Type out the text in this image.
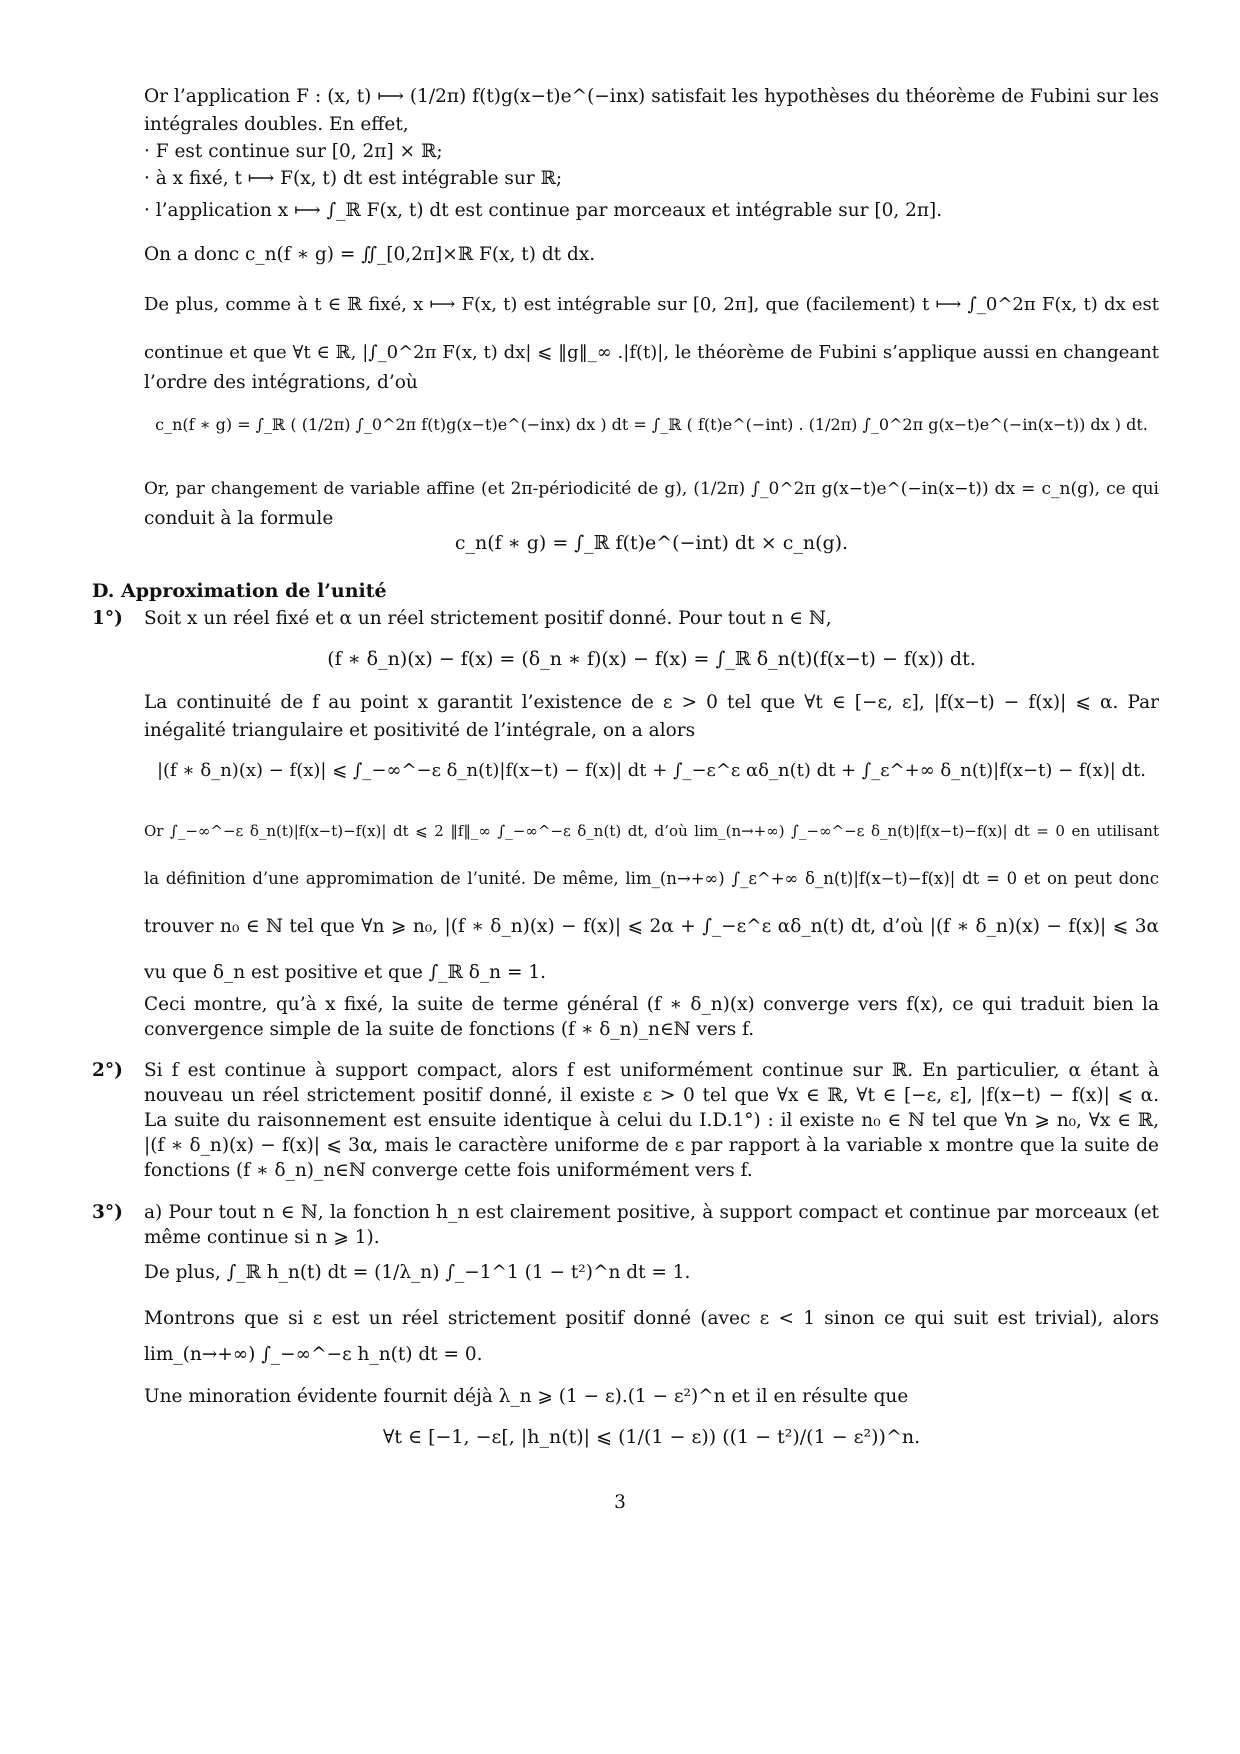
Or l’application F : (x, t) ⟼ (1/2π) f(t)g(x−t)e^(−inx) satisfait les hypothèses du théorème de Fubini sur les
intégrales doubles. En effet,
· F est continue sur [0, 2π] × ℝ;
· à x fixé, t ⟼ F(x, t) dt est intégrable sur ℝ;
· l’application x ⟼ ∫_ℝ F(x, t) dt est continue par morceaux et intégrable sur [0, 2π].
On a donc c_n(f ∗ g) = ∬_[0,2π]×ℝ F(x, t) dt dx.
De plus, comme à t ∈ ℝ fixé, x ⟼ F(x, t) est intégrable sur [0, 2π], que (facilement) t ⟼ ∫_0^2π F(x, t) dx est
continue et que ∀t ∈ ℝ, |∫_0^2π F(x, t) dx| ⩽ ‖g‖_∞ .|f(t)|, le théorème de Fubini s’applique aussi en changeant
l’ordre des intégrations, d’où
c_n(f ∗ g) = ∫_ℝ ( (1/2π) ∫_0^2π f(t)g(x−t)e^(−inx) dx ) dt = ∫_ℝ ( f(t)e^(−int) . (1/2π) ∫_0^2π g(x−t)e^(−in(x−t)) dx ) dt.
Or, par changement de variable affine (et 2π-périodicité de g), (1/2π) ∫_0^2π g(x−t)e^(−in(x−t)) dx = c_n(g), ce qui
conduit à la formule
c_n(f ∗ g) = ∫_ℝ f(t)e^(−int) dt × c_n(g).
D. Approximation de l’unité
1°) Soit x un réel fixé et α un réel strictement positif donné. Pour tout n ∈ ℕ,
(f ∗ δ_n)(x) − f(x) = (δ_n ∗ f)(x) − f(x) = ∫_ℝ δ_n(t)(f(x−t) − f(x)) dt.
La continuité de f au point x garantit l’existence de ε > 0 tel que ∀t ∈ [−ε, ε], |f(x−t) − f(x)| ⩽ α. Par
inégalité triangulaire et positivité de l’intégrale, on a alors
|(f ∗ δ_n)(x) − f(x)| ⩽ ∫_−∞^−ε δ_n(t)|f(x−t) − f(x)| dt + ∫_−ε^ε αδ_n(t) dt + ∫_ε^+∞ δ_n(t)|f(x−t) − f(x)| dt.
Or ∫_−∞^−ε δ_n(t)|f(x−t)−f(x)| dt ⩽ 2 ‖f‖_∞ ∫_−∞^−ε δ_n(t) dt, d’où lim_(n→+∞) ∫_−∞^−ε δ_n(t)|f(x−t)−f(x)| dt = 0 en utilisant
la définition d’une appromimation de l’unité. De même, lim_(n→+∞) ∫_ε^+∞ δ_n(t)|f(x−t)−f(x)| dt = 0 et on peut donc
trouver n₀ ∈ ℕ tel que ∀n ⩾ n₀, |(f ∗ δ_n)(x) − f(x)| ⩽ 2α + ∫_−ε^ε αδ_n(t) dt, d’où |(f ∗ δ_n)(x) − f(x)| ⩽ 3α
vu que δ_n est positive et que ∫_ℝ δ_n = 1.
Ceci montre, qu’à x fixé, la suite de terme général (f ∗ δ_n)(x) converge vers f(x), ce qui traduit bien la
convergence simple de la suite de fonctions (f ∗ δ_n)_n∈ℕ vers f.
2°) Si f est continue à support compact, alors f est uniformément continue sur ℝ. En particulier, α étant à
nouveau un réel strictement positif donné, il existe ε > 0 tel que ∀x ∈ ℝ, ∀t ∈ [−ε, ε], |f(x−t) − f(x)| ⩽ α.
La suite du raisonnement est ensuite identique à celui du I.D.1°) : il existe n₀ ∈ ℕ tel que ∀n ⩾ n₀, ∀x ∈ ℝ,
|(f ∗ δ_n)(x) − f(x)| ⩽ 3α, mais le caractère uniforme de ε par rapport à la variable x montre que la suite de
fonctions (f ∗ δ_n)_n∈ℕ converge cette fois uniformément vers f.
3°) a) Pour tout n ∈ ℕ, la fonction h_n est clairement positive, à support compact et continue par morceaux (et
même continue si n ⩾ 1).
De plus, ∫_ℝ h_n(t) dt = (1/λ_n) ∫_−1^1 (1 − t²)^n dt = 1.
Montrons que si ε est un réel strictement positif donné (avec ε < 1 sinon ce qui suit est trivial), alors
lim_(n→+∞) ∫_−∞^−ε h_n(t) dt = 0.
Une minoration évidente fournit déjà λ_n ⩾ (1 − ε).(1 − ε²)^n et il en résulte que
∀t ∈ [−1, −ε[, |h_n(t)| ⩽ (1/(1 − ε)) ((1 − t²)/(1 − ε²))^n.
3
